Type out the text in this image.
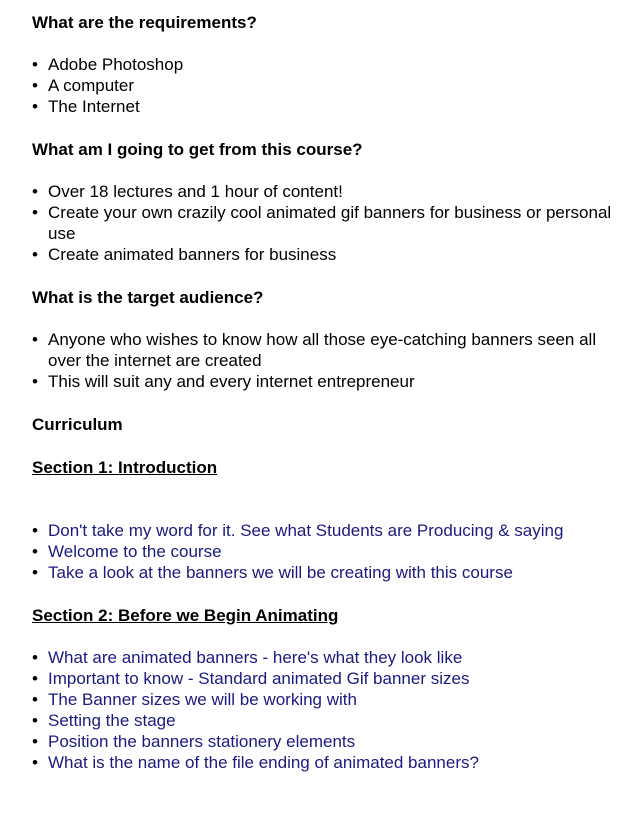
What are the requirements?

• Adobe Photoshop
• A computer
• The Internet

What am I going to get from this course?

• Over 18 lectures and 1 hour of content!
• Create your own crazily cool animated gif banners for business or personal use
• Create animated banners for business

What is the target audience?

• Anyone who wishes to know how all those eye-catching banners seen all over the internet are created
• This will suit any and every internet entrepreneur

Curriculum

Section 1: Introduction

• Don't take my word for it. See what Students are Producing & saying
• Welcome to the course
• Take a look at the banners we will be creating with this course

Section 2: Before we Begin Animating

• What are animated banners - here's what they look like
• Important to know - Standard animated Gif banner sizes
• The Banner sizes we will be working with
• Setting the stage
• Position the banners stationery elements
• What is the name of the file ending of animated banners?
